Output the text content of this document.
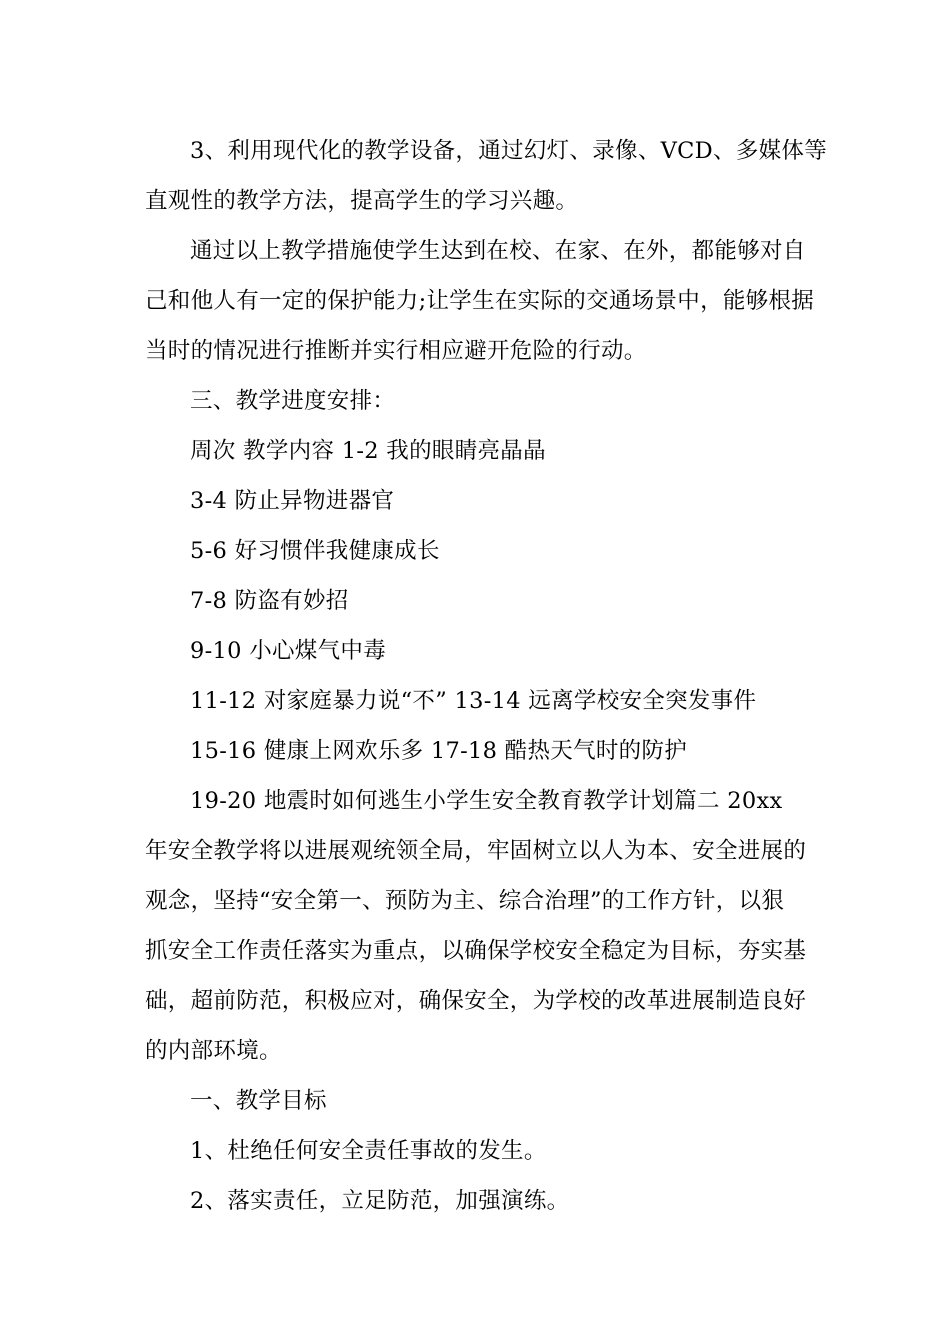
3、利用现代化的教学设备，通过幻灯、录像、VCD、多媒体等
直观性的教学方法，提高学生的学习兴趣。
通过以上教学措施使学生达到在校、在家、在外，都能够对自
己和他人有一定的保护能力;让学生在实际的交通场景中，能够根据
当时的情况进行推断并实行相应避开危险的行动。
三、教学进度安排：
周次 教学内容 1-2 我的眼睛亮晶晶
3-4 防止异物进器官
5-6 好习惯伴我健康成长
7-8 防盗有妙招
9-10 小心煤气中毒
11-12 对家庭暴力说“不” 13-14 远离学校安全突发事件
15-16 健康上网欢乐多 17-18 酷热天气时的防护
19-20 地震时如何逃生小学生安全教育教学计划篇二 20xx
年安全教学将以进展观统领全局，牢固树立以人为本、安全进展的
观念，坚持“安全第一、预防为主、综合治理”的工作方针，以狠
抓安全工作责任落实为重点，以确保学校安全稳定为目标，夯实基
础，超前防范，积极应对，确保安全，为学校的改革进展制造良好
的内部环境。
一、教学目标
1、杜绝任何安全责任事故的发生。
2、落实责任，立足防范，加强演练。
